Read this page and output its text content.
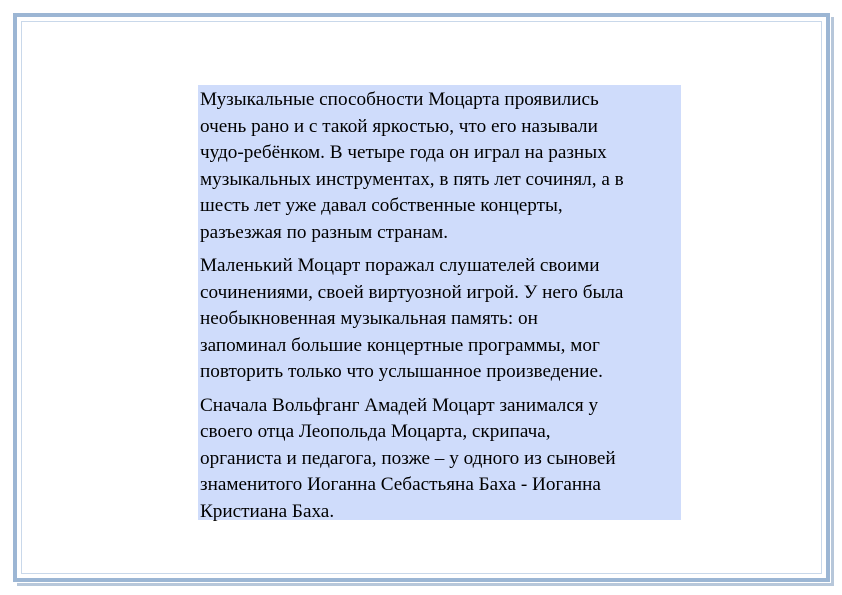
Музыкальные способности Моцарта проявились
очень рано и с такой яркостью, что его называли
чудо-ребёнком. В четыре года он играл на разных
музыкальных инструментах, в пять лет сочинял, а в
шесть лет уже давал собственные концерты,
разъезжая по разным странам.

Маленький Моцарт поражал слушателей своими
сочинениями, своей виртуозной игрой. У него была
необыкновенная музыкальная память: он
запоминал большие концертные программы, мог
повторить только что услышанное произведение.

Сначала Вольфганг Амадей Моцарт занимался у
своего отца Леопольда Моцарта, скрипача,
органиста и педагога, позже – у одного из сыновей
знаменитого Иоганна Себастьяна Баха - Иоганна
Кристиана Баха.
